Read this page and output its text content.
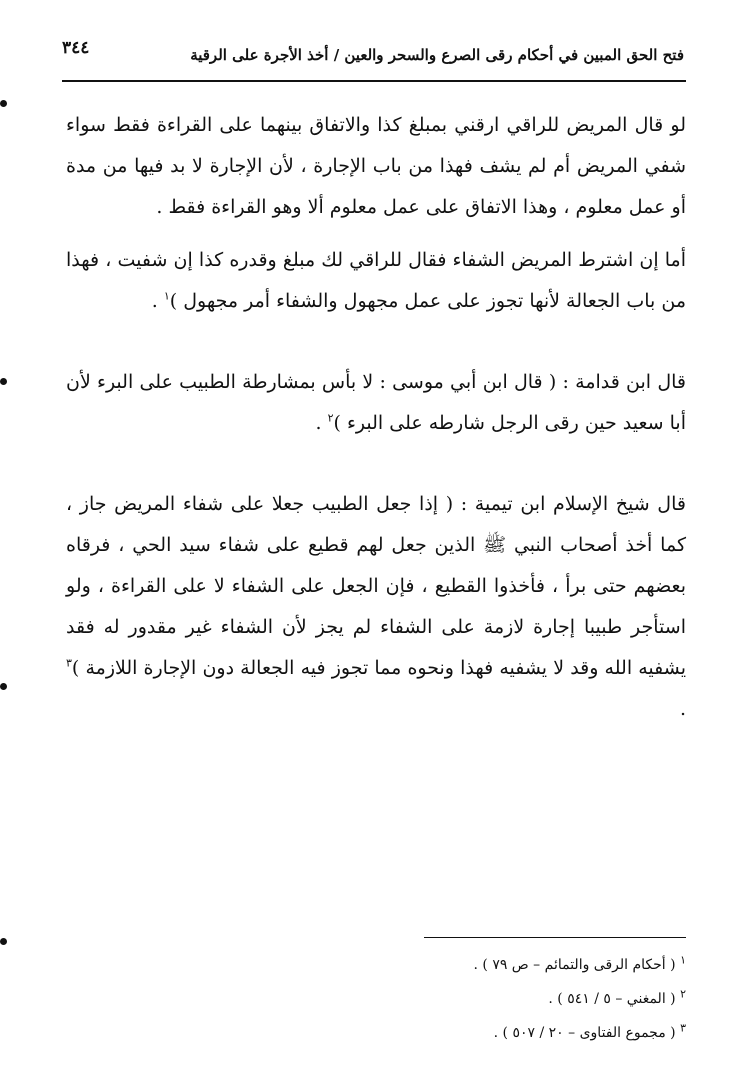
٣٤٤	فتح الحق المبين في أحكام رقى الصرع والسحر والعين / أخذ الأجرة على الرقية

لو قال المريض للراقي ارقني بمبلغ كذا والاتفاق بينهما على القراءة فقط سواء شفي المريض أم لم يشف فهذا من باب الإجارة ، لأن الإجارة لا بد فيها من مدة أو عمل معلوم ، وهذا الاتفاق على عمل معلوم ألا وهو القراءة فقط .

أما إن اشترط المريض الشفاء فقال للراقي لك مبلغ وقدره كذا إن شفيت ، فهذا من باب الجعالة لأنها تجوز على عمل مجهول والشفاء أمر مجهول )$^١$ .

قال ابن قدامة : ( قال ابن أبي موسى : لا بأس بمشارطة الطبيب على البرء لأن أبا سعيد حين رقى الرجل شارطه على البرء )$^٢$ .

قال شيخ الإسلام ابن تيمية : ( إذا جعل الطبيب جعلا على شفاء المريض جاز ، كما أخذ أصحاب النبي ﷺ الذين جعل لهم قطيع على شفاء سيد الحي ، فرقاه بعضهم حتى برأ ، فأخذوا القطيع ، فإن الجعل على الشفاء لا على القراءة ، ولو استأجر طبيبا إجارة لازمة على الشفاء لم يجز لأن الشفاء غير مقدور له فقد يشفيه الله وقد لا يشفيه فهذا ونحوه مما تجوز فيه الجعالة دون الإجارة اللازمة )$^٣$ .

$^١$ ( أحكام الرقى والتمائم – ص ٧٩ ) .
$^٢$ ( المغني – ٥ / ٥٤١ ) .
$^٣$ ( مجموع الفتاوى – ٢٠ / ٥٠٧ ) .
